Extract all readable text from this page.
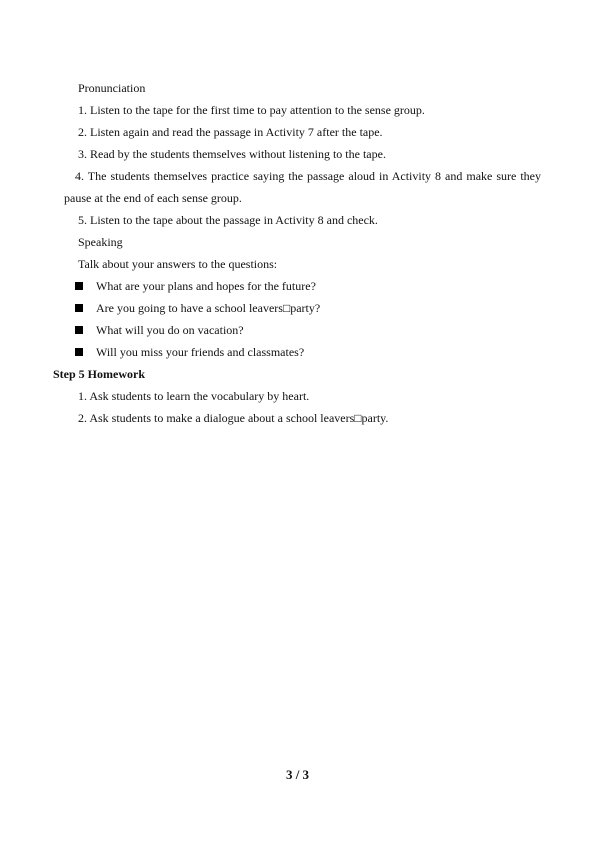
Pronunciation
1. Listen to the tape for the first time to pay attention to the sense group.
2. Listen again and read the passage in Activity 7 after the tape.
3. Read by the students themselves without listening to the tape.
4. The students themselves practice saying the passage aloud in Activity 8 and make sure they
pause at the end of each sense group.
5. Listen to the tape about the passage in Activity 8 and check.
Speaking
Talk about your answers to the questions:
What are your plans and hopes for the future?
Are you going to have a school leavers□party?
What will you do on vacation?
Will you miss your friends and classmates?
Step 5 Homework
1. Ask students to learn the vocabulary by heart.
2. Ask students to make a dialogue about a school leavers□party.
3 / 3
